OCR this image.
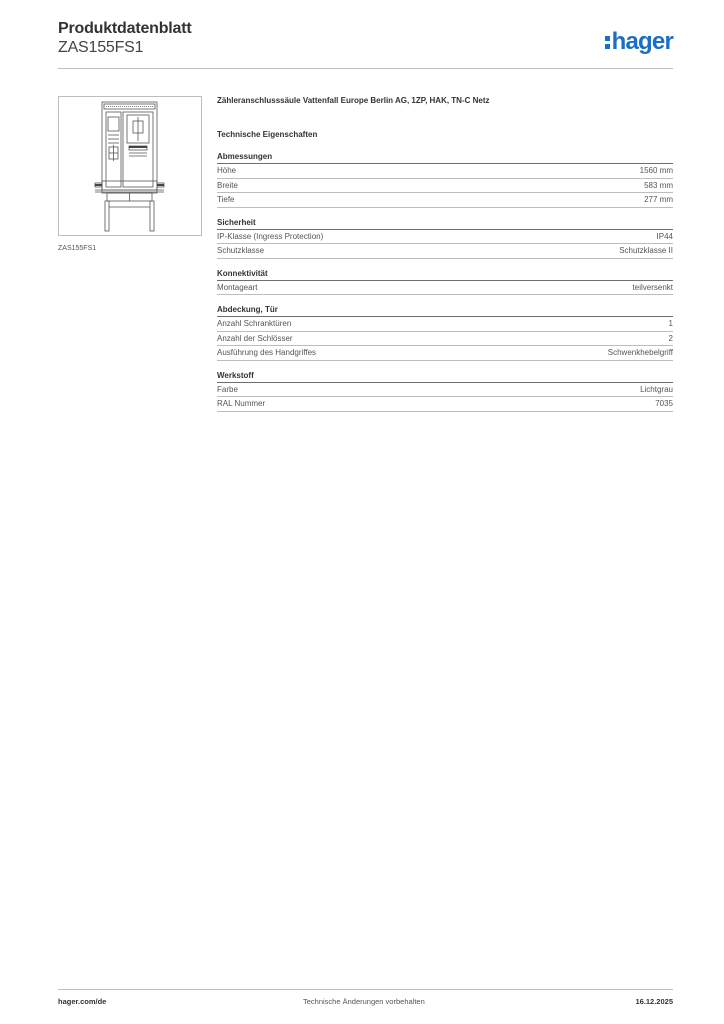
Produktdatenblatt
ZAS155FS1	hager
ZAS155FS1
Zähleranschlusssäule Vattenfall Europe Berlin AG, 1ZP, HAK, TN-C Netz
Technische Eigenschaften
Abmessungen
Höhe	1560 mm
Breite	583 mm
Tiefe	277 mm
Sicherheit
IP-Klasse (Ingress Protection)	IP44
Schutzklasse	Schutzklasse II
Konnektivität
Montageart	teilversenkt
Abdeckung, Tür
Anzahl Schranktüren	1
Anzahl der Schlösser	2
Ausführung des Handgriffes	Schwenkhebelgriff
Werkstoff
Farbe	Lichtgrau
RAL Nummer	7035
hager.com/de	Technische Änderungen vorbehalten	16.12.2025
